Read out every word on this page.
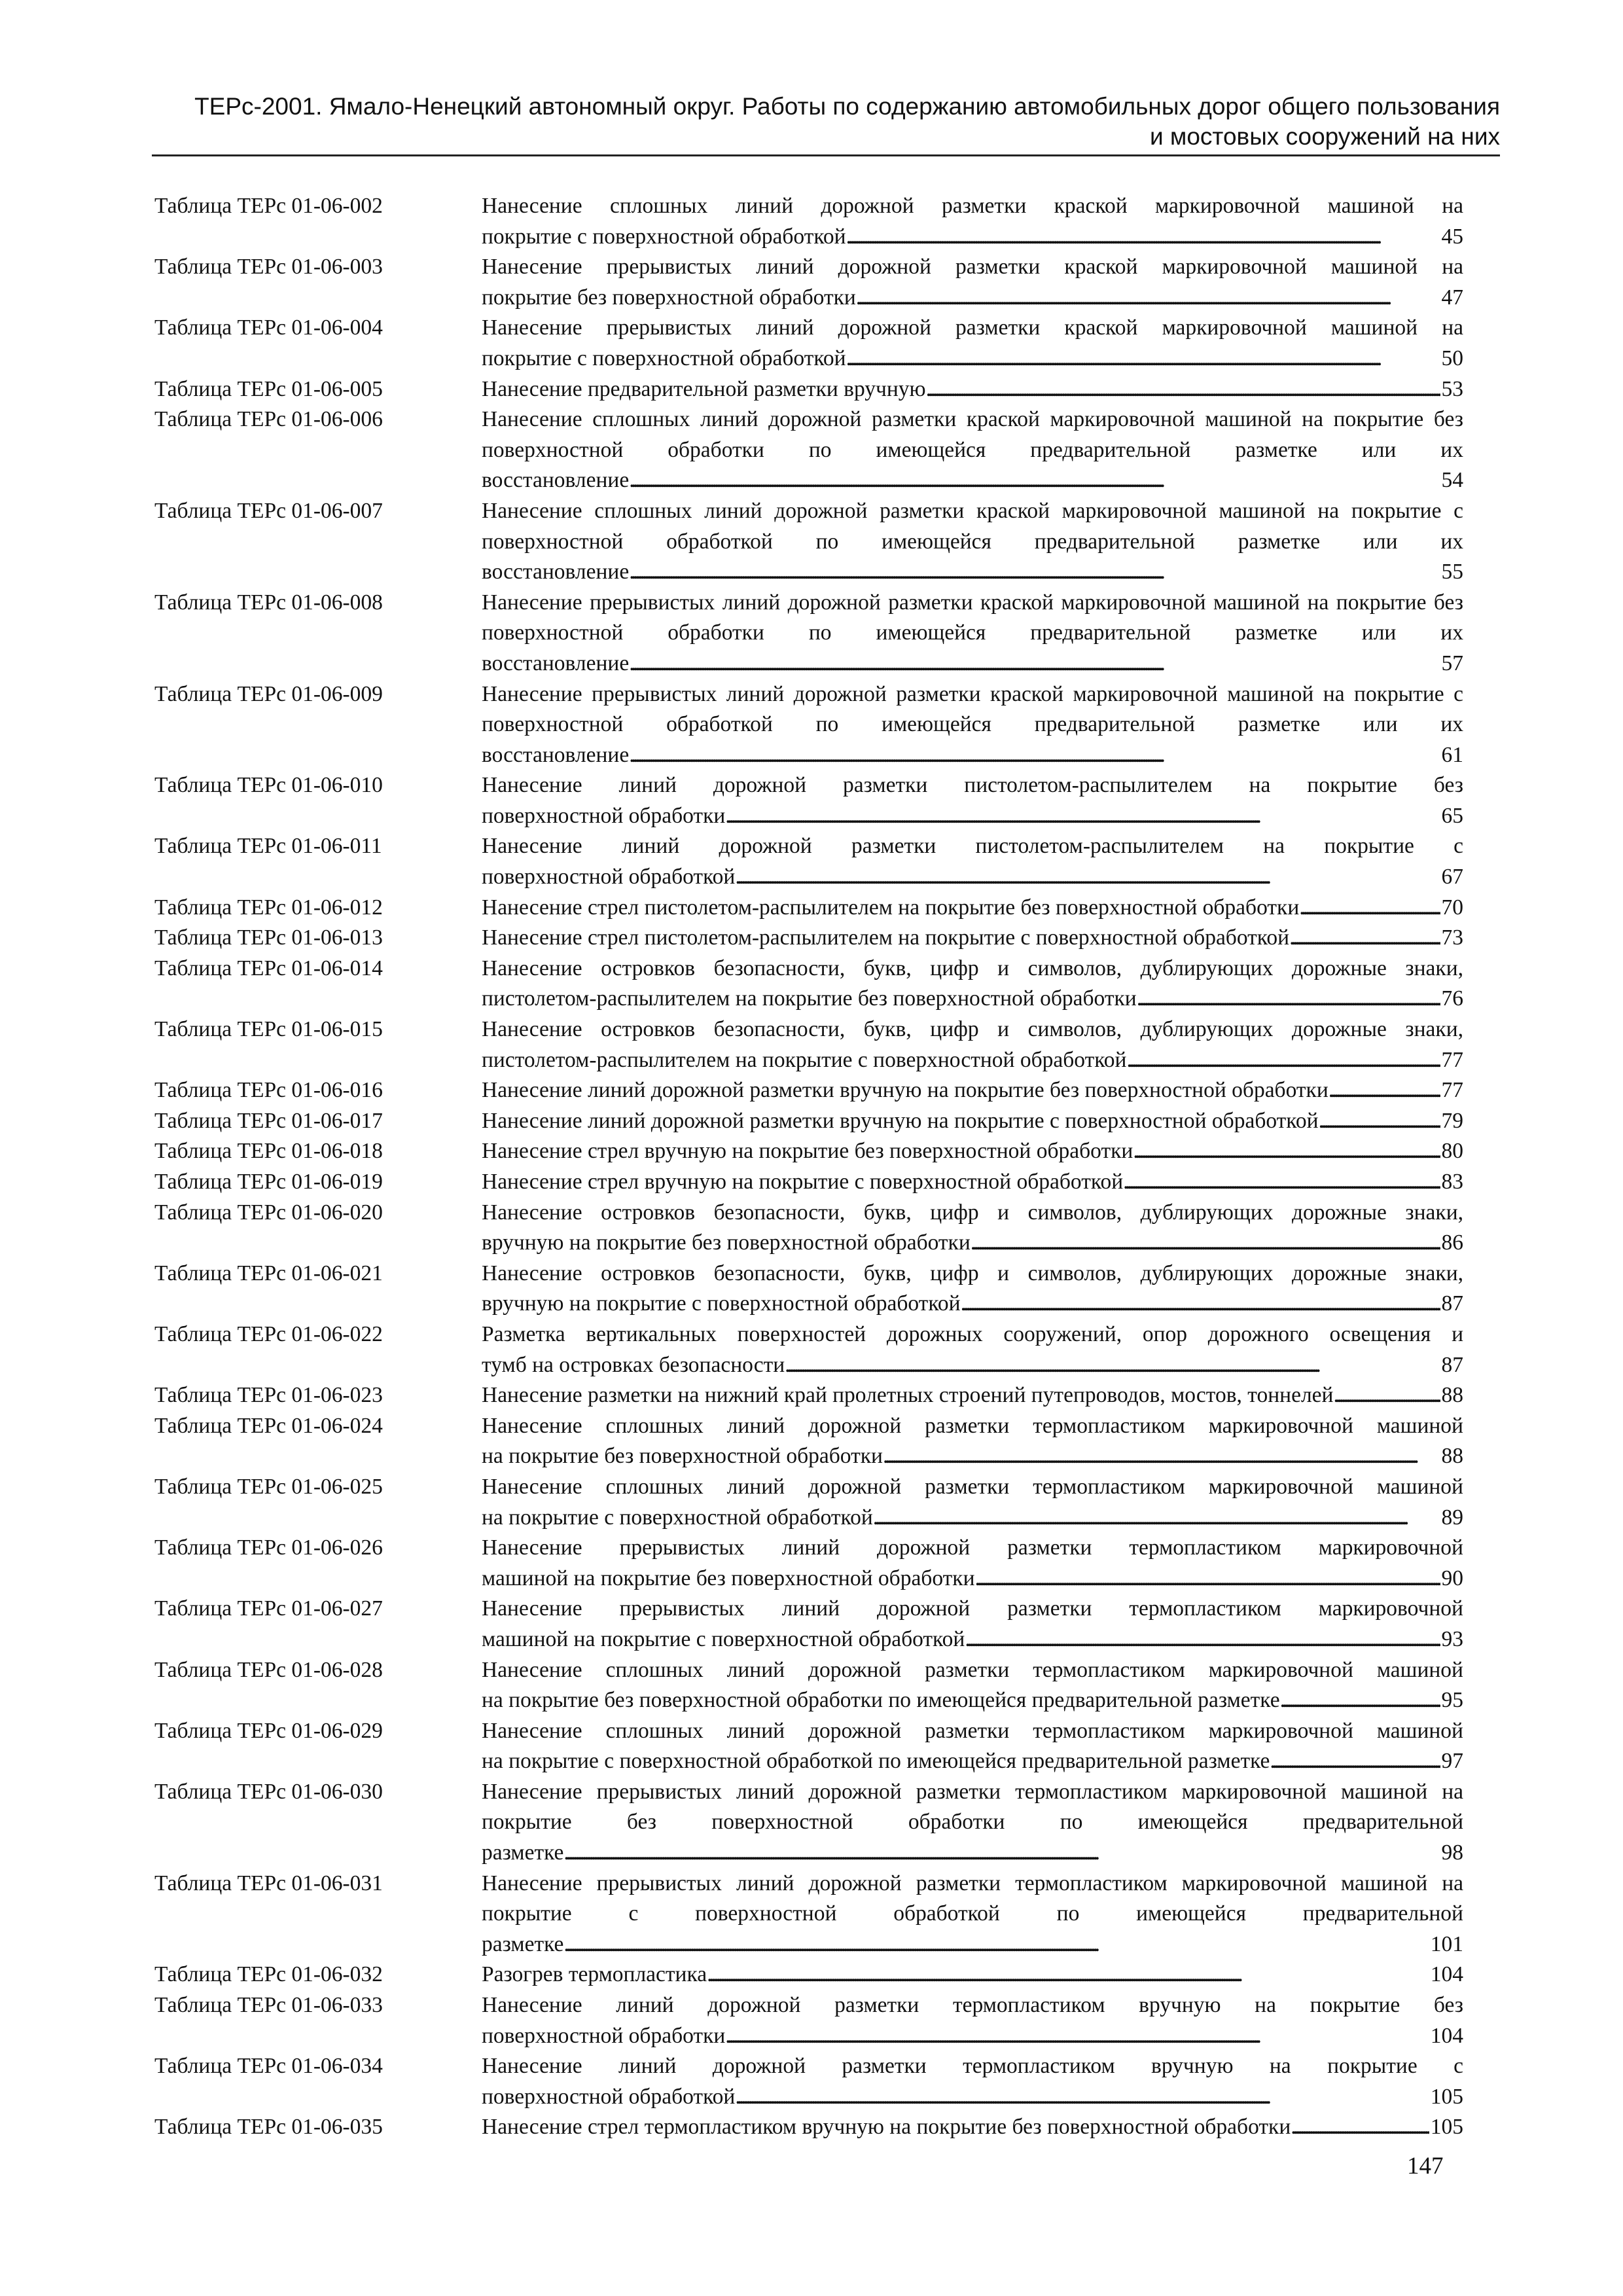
ТЕРс-2001. Ямало-Ненецкий автономный округ. Работы по содержанию автомобильных дорог общего пользования
и мостовых сооружений на них
Таблица ТЕРс 01-06-002	Нанесение сплошных линий дорожной разметки краской маркировочной машиной на
покрытие с поверхностной обработкой . . .	45
Таблица ТЕРс 01-06-003	Нанесение прерывистых линий дорожной разметки краской маркировочной машиной на
покрытие без поверхностной обработки . . .	47
Таблица ТЕРс 01-06-004	Нанесение прерывистых линий дорожной разметки краской маркировочной машиной на
покрытие с поверхностной обработкой . . .	50
Таблица ТЕРс 01-06-005	Нанесение предварительной разметки вручную . . .	53
Таблица ТЕРс 01-06-006	Нанесение сплошных линий дорожной разметки краской маркировочной машиной на покрытие без поверхностной обработки по имеющейся предварительной разметке или их
восстановление . . .	54
Таблица ТЕРс 01-06-007	Нанесение сплошных линий дорожной разметки краской маркировочной машиной на покрытие с поверхностной обработкой по имеющейся предварительной разметке или их
восстановление . . .	55
Таблица ТЕРс 01-06-008	Нанесение прерывистых линий дорожной разметки краской маркировочной машиной на покрытие без поверхностной обработки по имеющейся предварительной разметке или их
восстановление . . .	57
Таблица ТЕРс 01-06-009	Нанесение прерывистых линий дорожной разметки краской маркировочной машиной на покрытие с поверхностной обработкой по имеющейся предварительной разметке или их
восстановление . . .	61
Таблица ТЕРс 01-06-010	Нанесение линий дорожной разметки пистолетом-распылителем на покрытие без
поверхностной обработки . . .	65
Таблица ТЕРс 01-06-011	Нанесение линий дорожной разметки пистолетом-распылителем на покрытие с
поверхностной обработкой . . .	67
Таблица ТЕРс 01-06-012	Нанесение стрел пистолетом-распылителем на покрытие без поверхностной обработки . . .	70
Таблица ТЕРс 01-06-013	Нанесение стрел пистолетом-распылителем на покрытие с поверхностной обработкой . . .	73
Таблица ТЕРс 01-06-014	Нанесение островков безопасности, букв, цифр и символов, дублирующих дорожные знаки,
пистолетом-распылителем на покрытие без поверхностной обработки . . .	76
Таблица ТЕРс 01-06-015	Нанесение островков безопасности, букв, цифр и символов, дублирующих дорожные знаки,
пистолетом-распылителем на покрытие с поверхностной обработкой . . .	77
Таблица ТЕРс 01-06-016	Нанесение линий дорожной разметки вручную на покрытие без поверхностной обработки . . .	77
Таблица ТЕРс 01-06-017	Нанесение линий дорожной разметки вручную на покрытие с поверхностной обработкой . . .	79
Таблица ТЕРс 01-06-018	Нанесение стрел вручную на покрытие без поверхностной обработки . . .	80
Таблица ТЕРс 01-06-019	Нанесение стрел вручную на покрытие с поверхностной обработкой . . .	83
Таблица ТЕРс 01-06-020	Нанесение островков безопасности, букв, цифр и символов, дублирующих дорожные знаки,
вручную на покрытие без поверхностной обработки . . .	86
Таблица ТЕРс 01-06-021	Нанесение островков безопасности, букв, цифр и символов, дублирующих дорожные знаки,
вручную на покрытие с поверхностной обработкой . . .	87
Таблица ТЕРс 01-06-022	Разметка вертикальных поверхностей дорожных сооружений, опор дорожного освещения и
тумб на островках безопасности . . .	87
Таблица ТЕРс 01-06-023	Нанесение разметки на нижний край пролетных строений путепроводов, мостов, тоннелей . . .	88
Таблица ТЕРс 01-06-024	Нанесение сплошных линий дорожной разметки термопластиком маркировочной машиной
на покрытие без поверхностной обработки . . .	88
Таблица ТЕРс 01-06-025	Нанесение сплошных линий дорожной разметки термопластиком маркировочной машиной
на покрытие с поверхностной обработкой . . .	89
Таблица ТЕРс 01-06-026	Нанесение прерывистых линий дорожной разметки термопластиком маркировочной
машиной на покрытие без поверхностной обработки . . .	90
Таблица ТЕРс 01-06-027	Нанесение прерывистых линий дорожной разметки термопластиком маркировочной
машиной на покрытие с поверхностной обработкой . . .	93
Таблица ТЕРс 01-06-028	Нанесение сплошных линий дорожной разметки термопластиком маркировочной машиной
на покрытие без поверхностной обработки по имеющейся предварительной разметке . . .	95
Таблица ТЕРс 01-06-029	Нанесение сплошных линий дорожной разметки термопластиком маркировочной машиной
на покрытие с поверхностной обработкой по имеющейся предварительной разметке . . .	97
Таблица ТЕРс 01-06-030	Нанесение прерывистых линий дорожной разметки термопластиком маркировочной машиной на покрытие без поверхностной обработки по имеющейся предварительной
разметке . . .	98
Таблица ТЕРс 01-06-031	Нанесение прерывистых линий дорожной разметки термопластиком маркировочной машиной на покрытие с поверхностной обработкой по имеющейся предварительной
разметке . . .	101
Таблица ТЕРс 01-06-032	Разогрев термопластика . . .	104
Таблица ТЕРс 01-06-033	Нанесение линий дорожной разметки термопластиком вручную на покрытие без
поверхностной обработки . . .	104
Таблица ТЕРс 01-06-034	Нанесение линий дорожной разметки термопластиком вручную на покрытие с
поверхностной обработкой . . .	105
Таблица ТЕРс 01-06-035	Нанесение стрел термопластиком вручную на покрытие без поверхностной обработки . . .	105
147
